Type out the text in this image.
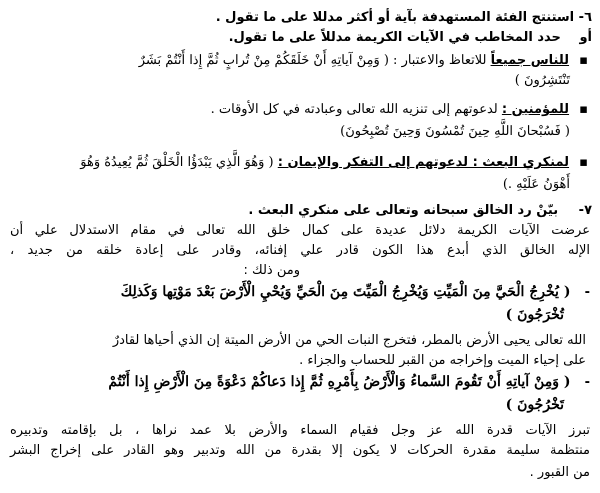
٦- استنتج الفئة المستهدفة بآية أو أكثر مدللا على ما تقول .

أو حدد المخاطب في الآيات الكريمة مدللاً على ما تقول.

▪ للناس جميعاً للاتعاظ والاعتبار : ( وَمِنْ آياتِهِ أَنْ خَلَقَكُمْ مِنْ تُرابٍ ثُمَّ إِذا أَنْتُمْ بَشَرٌ

تَنْتَشِرُونَ )

▪ للمؤمنين : لدعوتهم إلى تنزيه الله تعالى وعبادته في كل الأوقات .

( فَسُبْحانَ اللَّهِ حِينَ تُمْسُونَ وَحِينَ تُصْبِحُونَ)

▪ لمنكري البعث : لدعوتهم إلى التفكر والإيمان : ( وَهُوَ الَّذِي يَبْدَؤُا الْخَلْقَ ثُمَّ يُعِيدُهُ وَهُوَ

أَهْوَنُ عَلَيْهِ .)

٧- بيّنْ رد الخالق سبحانه وتعالى على منكري البعث .

عرضت الآيات الكريمة دلائل عديدة على كمال خلق الله تعالى في مقام الاستدلال علي أن

الإله الخالق الذي أبدع هذا الكون قادر علي إفنائه، وقادر على إعادة خلقه من جديد ،

ومن ذلك :

- ( يُخْرِجُ الْحَيَّ مِنَ الْمَيِّتِ وَيُخْرِجُ الْمَيِّتَ مِنَ الْحَيِّ وَيُحْيِ الْأَرْضَ بَعْدَ مَوْتِها وَكَذلِكَ

تُخْرَجُونَ )

الله تعالى يحيى الأرض بالمطر، فتخرج النبات الحي من الأرض الميتة إن الذي أحياها لقادرٌ

على إحياء الميت وإخراجه من القبر للحساب والجزاء .

- ( وَمِنْ آياتِهِ أَنْ تَقُومَ السَّماءُ وَالْأَرْضُ بِأَمْرِهِ ثُمَّ إِذا دَعاكُمْ دَعْوَةً مِنَ الْأَرْضِ إِذا أَنْتُمْ

تَخْرُجُونَ )

تبرز الآيات قدرة الله عز وجل فقيام السماء والأرض بلا عمد نراها ، بل بإقامته وتدبيره

منتظمة سليمة مقدرة الحركات لا يكون إلا بقدرة من الله وتدبير وهو القادر على إخراج البشر

من القبور .
